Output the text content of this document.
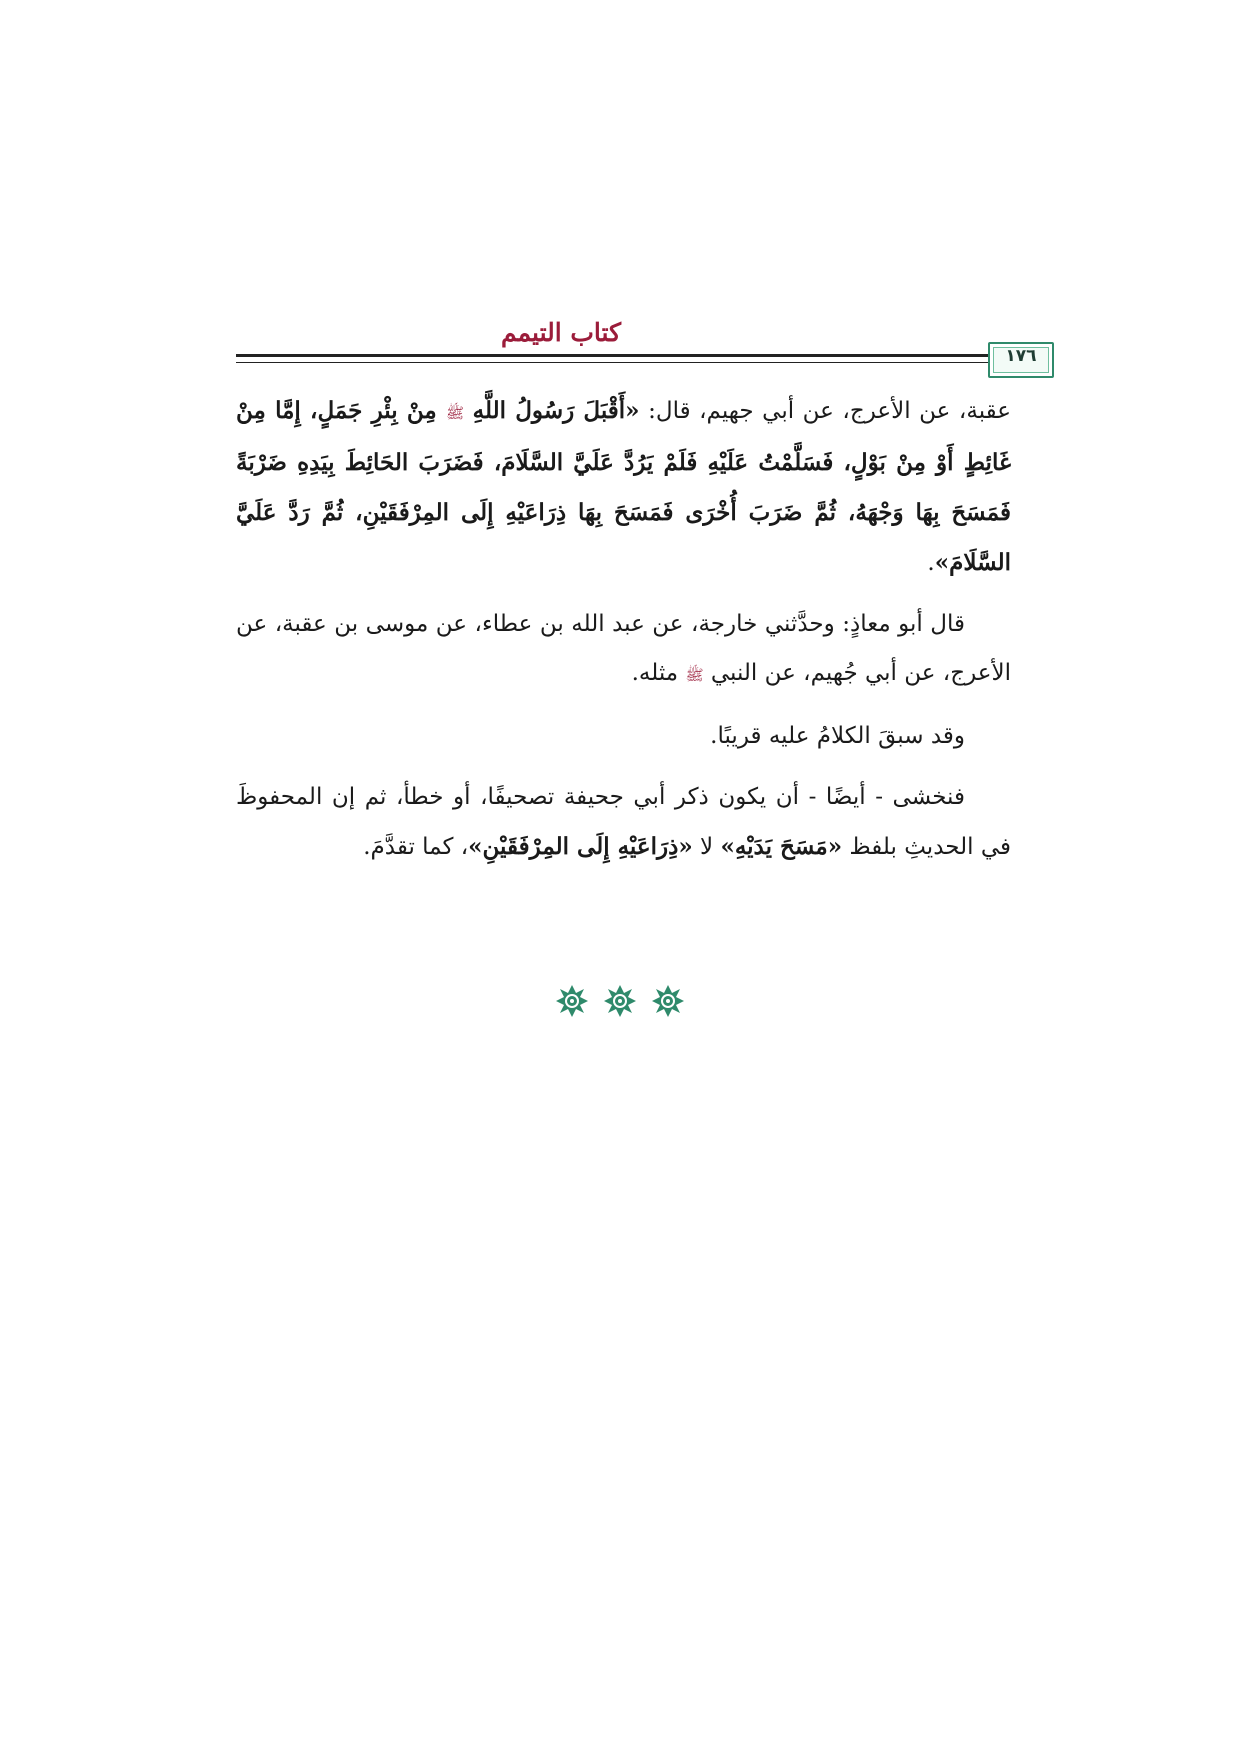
كتاب التيمم
١٧٦

عقبة، عن الأعرج، عن أبي جهيم، قال: «أَقْبَلَ رَسُولُ اللَّهِ ﷺ مِنْ بِئْرِ جَمَلٍ، إِمَّا مِنْ غَائِطٍ أَوْ مِنْ بَوْلٍ، فَسَلَّمْتُ عَلَيْهِ فَلَمْ يَرُدَّ عَلَيَّ السَّلَامَ، فَضَرَبَ الحَائِطَ بِيَدِهِ ضَرْبَةً فَمَسَحَ بِهَا وَجْهَهُ، ثُمَّ ضَرَبَ أُخْرَى فَمَسَحَ بِهَا ذِرَاعَيْهِ إِلَى المِرْفَقَيْنِ، ثُمَّ رَدَّ عَلَيَّ السَّلَامَ».

قال أبو معاذٍ: وحدَّثني خارجة، عن عبد الله بن عطاء، عن موسى بن عقبة، عن الأعرج، عن أبي جُهيم، عن النبي ﷺ مثله.

وقد سبقَ الكلامُ عليه قريبًا.

فنخشى - أيضًا - أن يكون ذكر أبي جحيفة تصحيفًا، أو خطأ، ثم إن المحفوظَ في الحديثِ بلفظ «مَسَحَ يَدَيْهِ» لا «ذِرَاعَيْهِ إِلَى المِرْفَقَيْنِ»، كما تقدَّمَ.
